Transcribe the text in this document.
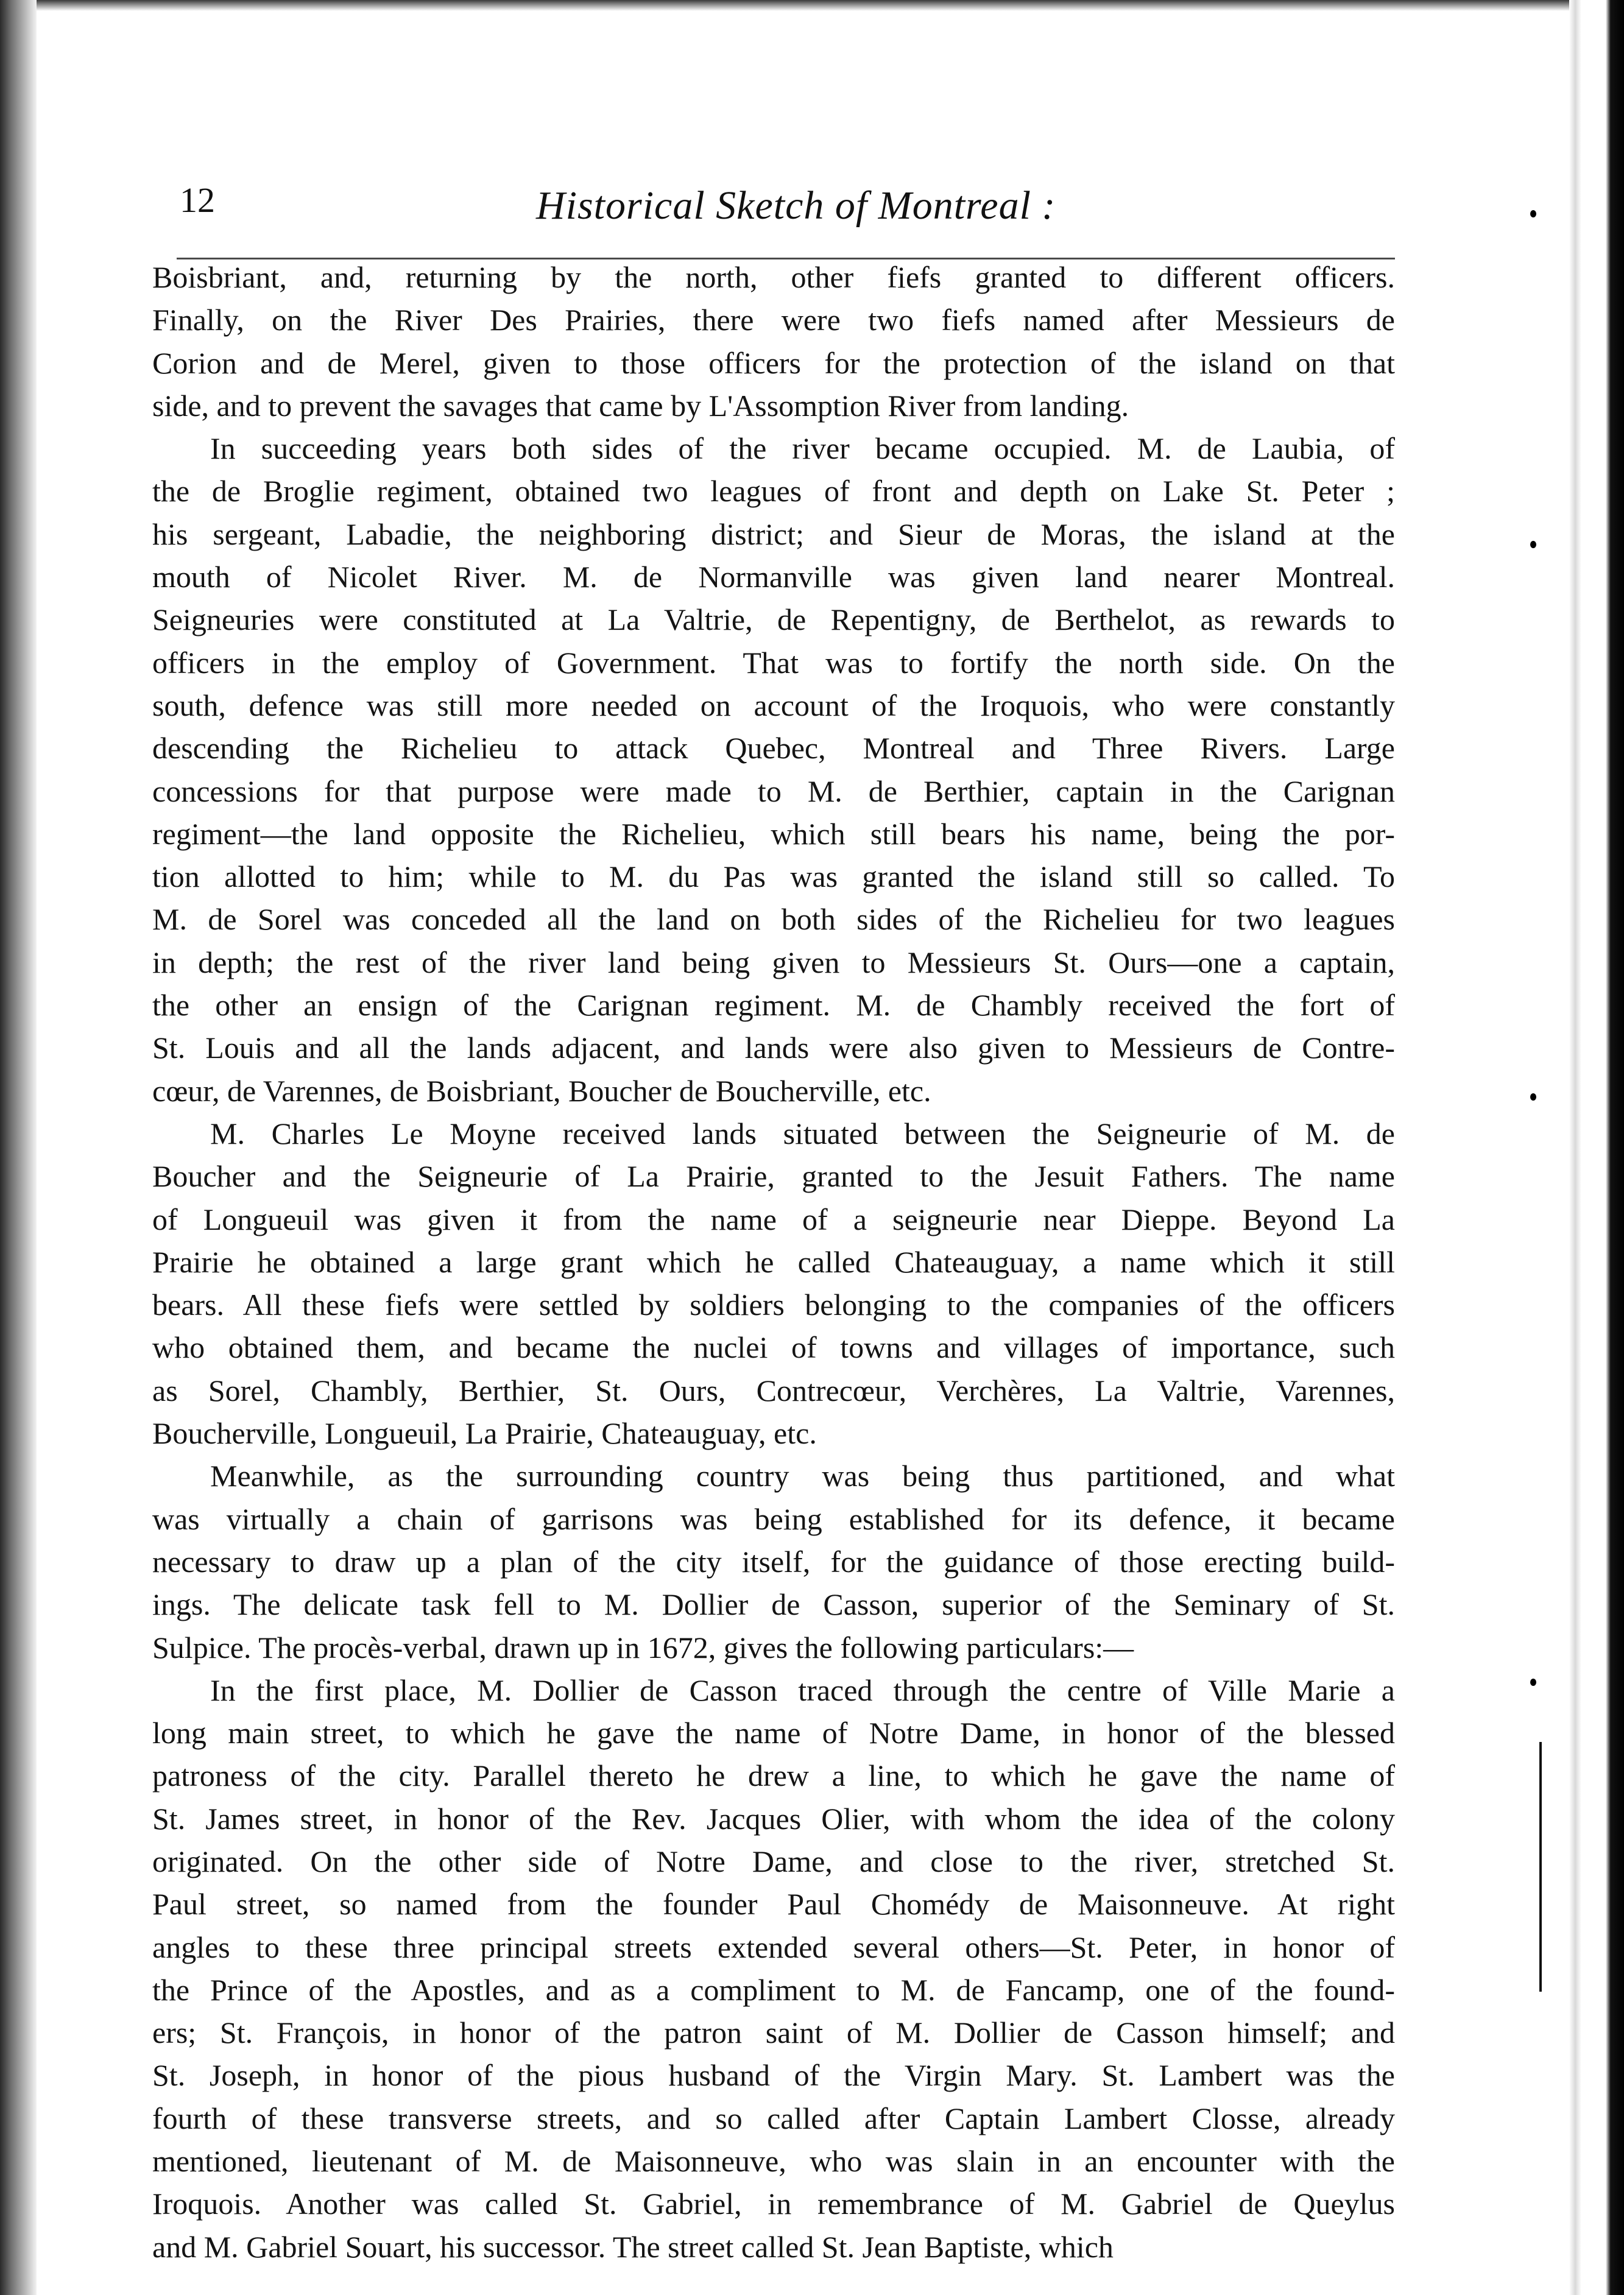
12	Historical Sketch of Montreal :
Boisbriant, and, returning by the north, other fiefs granted to different officers.
Finally, on the River Des Prairies, there were two fiefs named after Messieurs de
Corion and de Merel, given to those officers for the protection of the island on that
side, and to prevent the savages that came by L'Assomption River from landing.
In succeeding years both sides of the river became occupied. M. de Laubia, of
the de Broglie regiment, obtained two leagues of front and depth on Lake St. Peter ;
his sergeant, Labadie, the neighboring district; and Sieur de Moras, the island at the
mouth of Nicolet River. M. de Normanville was given land nearer Montreal.
Seigneuries were constituted at La Valtrie, de Repentigny, de Berthelot, as rewards to
officers in the employ of Government. That was to fortify the north side. On the
south, defence was still more needed on account of the Iroquois, who were constantly
descending the Richelieu to attack Quebec, Montreal and Three Rivers. Large
concessions for that purpose were made to M. de Berthier, captain in the Carignan
regiment—the land opposite the Richelieu, which still bears his name, being the por-
tion allotted to him; while to M. du Pas was granted the island still so called. To
M. de Sorel was conceded all the land on both sides of the Richelieu for two leagues
in depth; the rest of the river land being given to Messieurs St. Ours—one a captain,
the other an ensign of the Carignan regiment. M. de Chambly received the fort of
St. Louis and all the lands adjacent, and lands were also given to Messieurs de Contre-
cœur, de Varennes, de Boisbriant, Boucher de Boucherville, etc.
M. Charles Le Moyne received lands situated between the Seigneurie of M. de
Boucher and the Seigneurie of La Prairie, granted to the Jesuit Fathers. The name
of Longueuil was given it from the name of a seigneurie near Dieppe. Beyond La
Prairie he obtained a large grant which he called Chateauguay, a name which it still
bears. All these fiefs were settled by soldiers belonging to the companies of the officers
who obtained them, and became the nuclei of towns and villages of importance, such
as Sorel, Chambly, Berthier, St. Ours, Contrecœur, Verchères, La Valtrie, Varennes,
Boucherville, Longueuil, La Prairie, Chateauguay, etc.
Meanwhile, as the surrounding country was being thus partitioned, and what
was virtually a chain of garrisons was being established for its defence, it became
necessary to draw up a plan of the city itself, for the guidance of those erecting build-
ings. The delicate task fell to M. Dollier de Casson, superior of the Seminary of St.
Sulpice. The procès-verbal, drawn up in 1672, gives the following particulars:—
In the first place, M. Dollier de Casson traced through the centre of Ville Marie a
long main street, to which he gave the name of Notre Dame, in honor of the blessed
patroness of the city. Parallel thereto he drew a line, to which he gave the name of
St. James street, in honor of the Rev. Jacques Olier, with whom the idea of the colony
originated. On the other side of Notre Dame, and close to the river, stretched St.
Paul street, so named from the founder Paul Chomédy de Maisonneuve. At right
angles to these three principal streets extended several others—St. Peter, in honor of
the Prince of the Apostles, and as a compliment to M. de Fancamp, one of the found-
ers; St. François, in honor of the patron saint of M. Dollier de Casson himself; and
St. Joseph, in honor of the pious husband of the Virgin Mary. St. Lambert was the
fourth of these transverse streets, and so called after Captain Lambert Closse, already
mentioned, lieutenant of M. de Maisonneuve, who was slain in an encounter with the
Iroquois. Another was called St. Gabriel, in remembrance of M. Gabriel de Queylus
and M. Gabriel Souart, his successor. The street called St. Jean Baptiste, which
